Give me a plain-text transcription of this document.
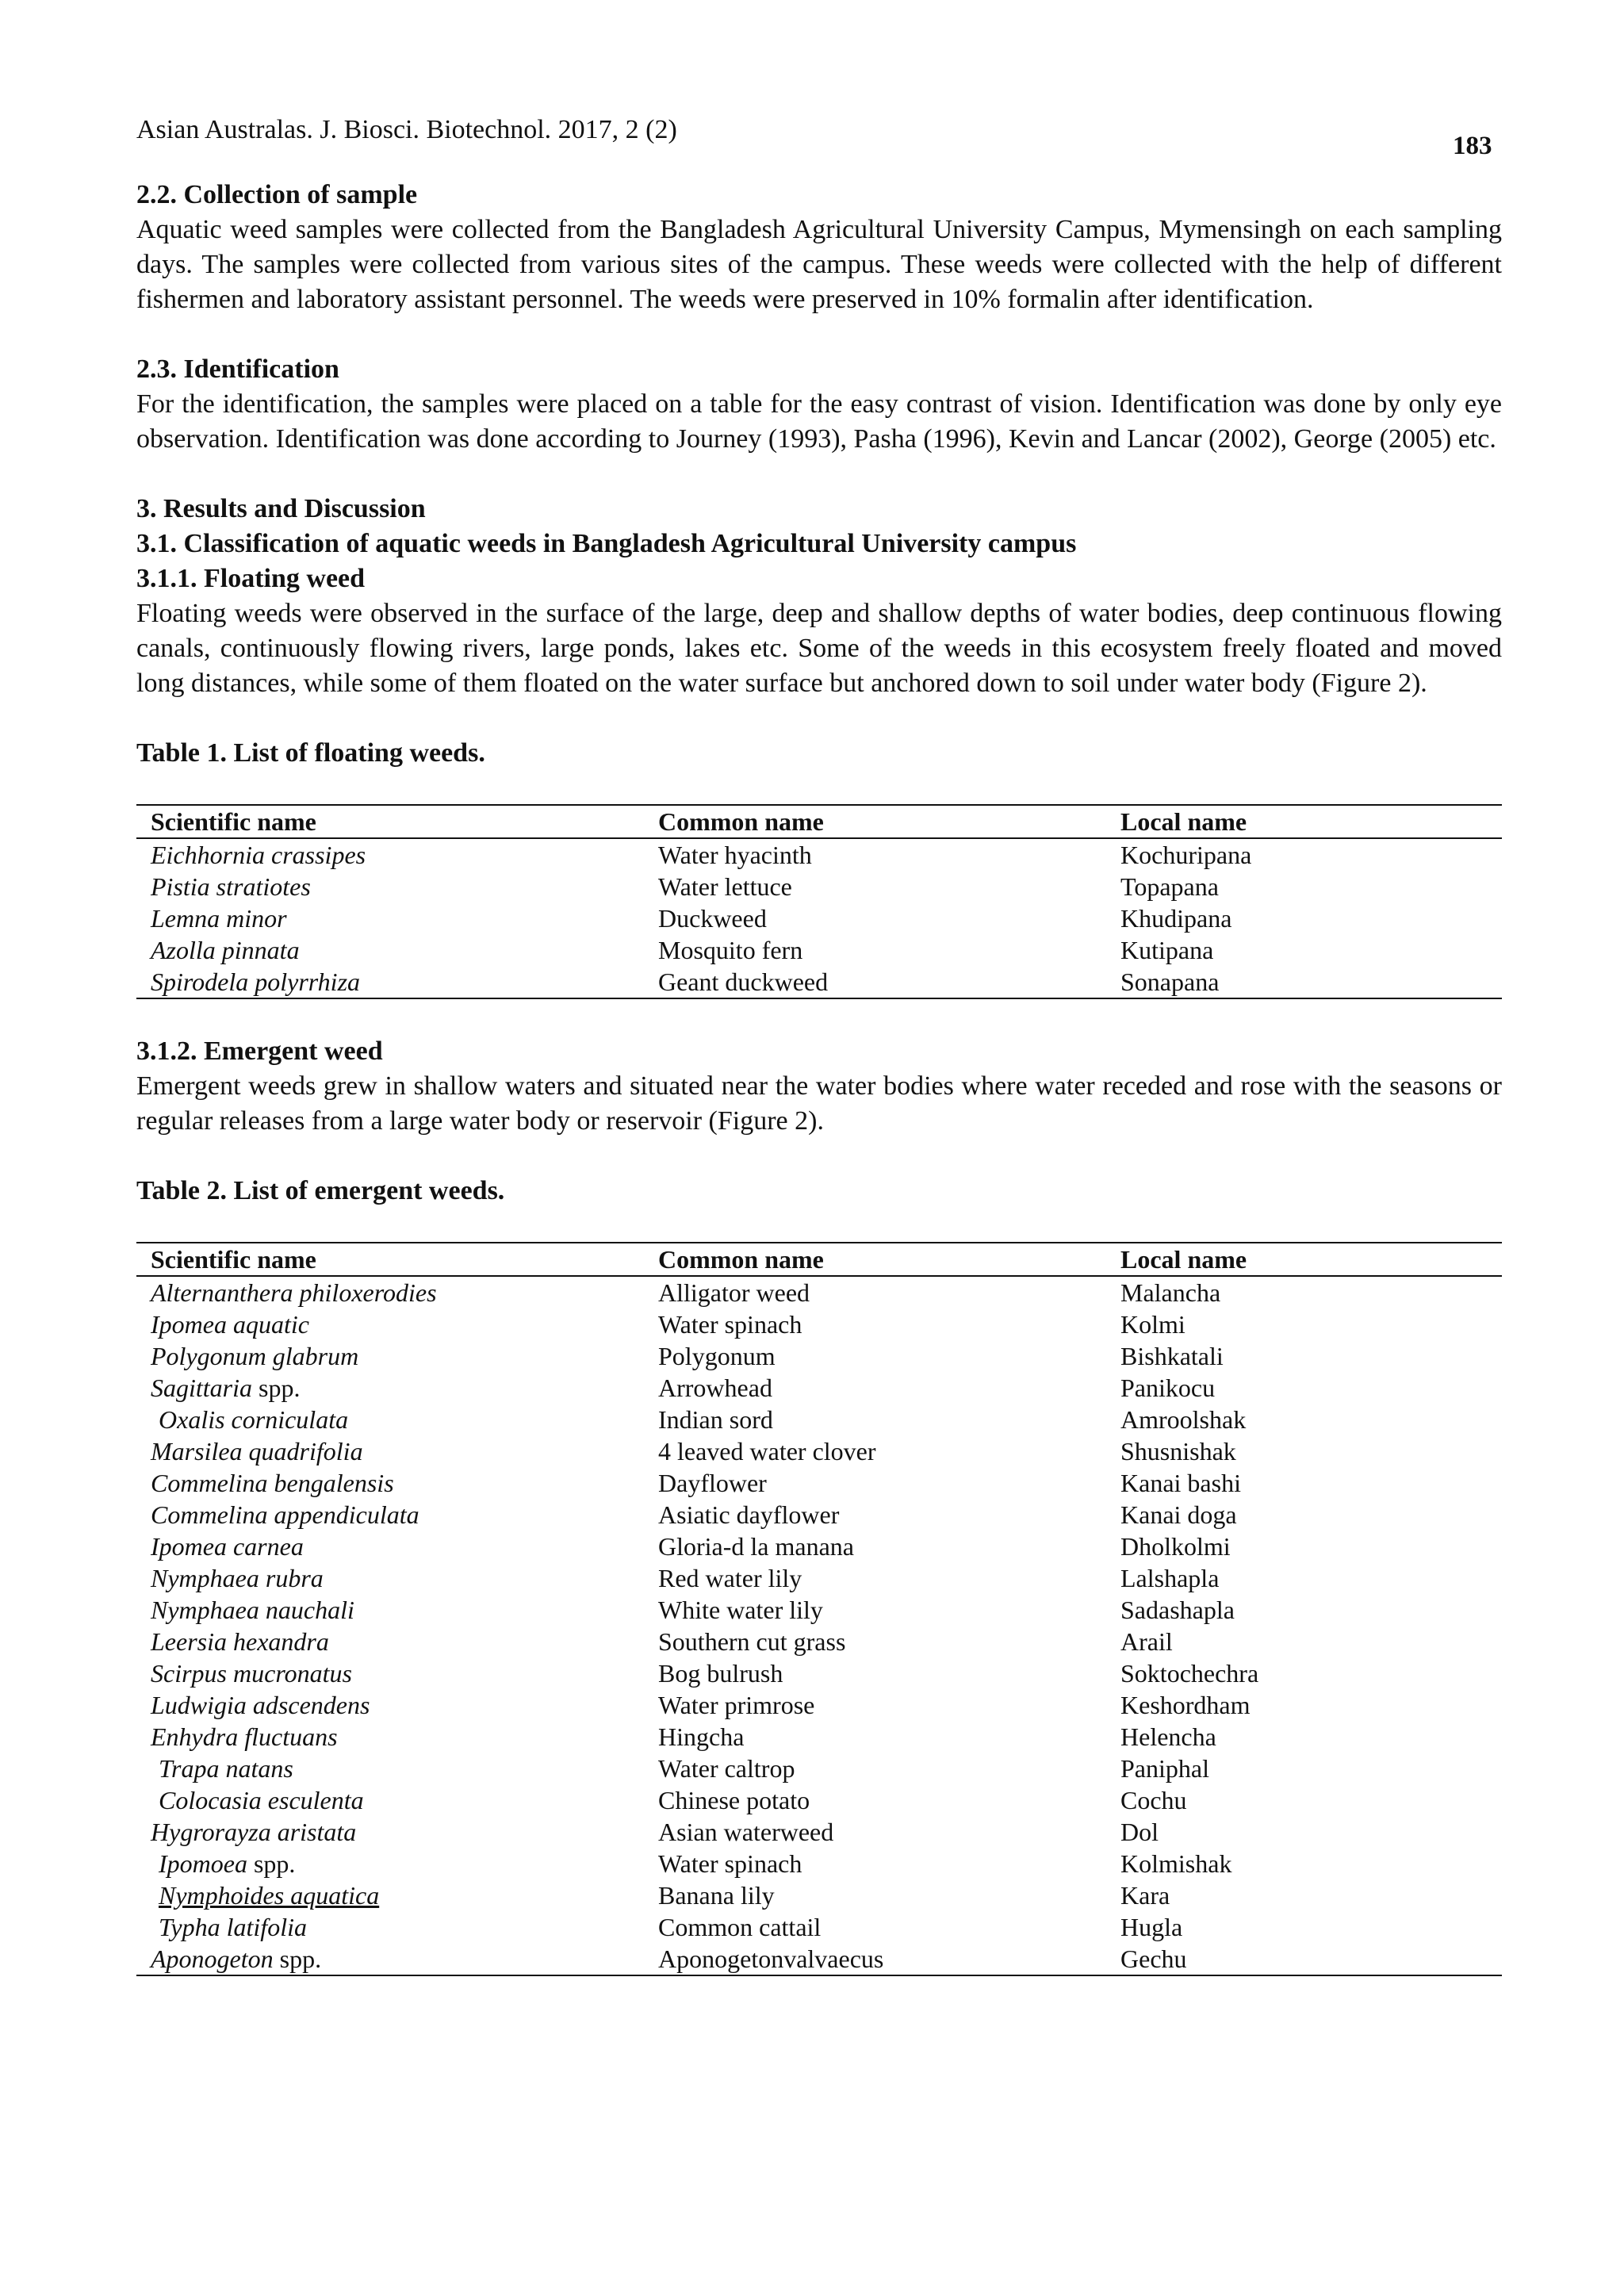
Asian Australas. J. Biosci. Biotechnol. 2017, 2 (2)
183
2.2. Collection of sample

Aquatic weed samples were collected from the Bangladesh Agricultural University Campus, Mymensingh on each sampling days. The samples were collected from various sites of the campus. These weeds were collected with the help of different fishermen and laboratory assistant personnel. The weeds were preserved in 10% formalin after identification.

2.3. Identification

For the identification, the samples were placed on a table for the easy contrast of vision. Identification was done by only eye observation. Identification was done according to Journey (1993), Pasha (1996), Kevin and Lancar (2002), George (2005) etc.

3. Results and Discussion
3.1. Classification of aquatic weeds in Bangladesh Agricultural University campus
3.1.1. Floating weed

Floating weeds were observed in the surface of the large, deep and shallow depths of water bodies, deep continuous flowing canals, continuously flowing rivers, large ponds, lakes etc. Some of the weeds in this ecosystem freely floated and moved long distances, while some of them floated on the water surface but anchored down to soil under water body (Figure 2).

Table 1. List of floating weeds.

Scientific name	Common name	Local name
Eichhornia crassipes	Water hyacinth	Kochuripana
Pistia stratiotes	Water lettuce	Topapana
Lemna minor	Duckweed	Khudipana
Azolla pinnata	Mosquito fern	Kutipana
Spirodela polyrrhiza	Geant duckweed	Sonapana
3.1.2. Emergent weed

Emergent weeds grew in shallow waters and situated near the water bodies where water receded and rose with the seasons or regular releases from a large water body or reservoir (Figure 2).

Table 2. List of emergent weeds.

Scientific name	Common name	Local name
Alternanthera philoxerodies	Alligator weed	Malancha
Ipomea aquatic	Water spinach	Kolmi
Polygonum glabrum	Polygonum	Bishkatali
Sagittaria spp.	Arrowhead	Panikocu
Oxalis corniculata	Indian sord	Amroolshak
Marsilea quadrifolia	4 leaved water clover	Shusnishak
Commelina bengalensis	Dayflower	Kanai bashi
Commelina appendiculata	Asiatic dayflower	Kanai doga
Ipomea carnea	Gloria-d la manana	Dholkolmi
Nymphaea rubra	Red water lily	Lalshapla
Nymphaea nauchali	White water lily	Sadashapla
Leersia hexandra	Southern cut grass	Arail
Scirpus mucronatus	Bog bulrush	Soktochechra
Ludwigia adscendens	Water primrose	Keshordham
Enhydra fluctuans	Hingcha	Helencha
Trapa natans	Water caltrop	Paniphal
Colocasia esculenta	Chinese potato	Cochu
Hygrorayza aristata	Asian waterweed	Dol
Ipomoea spp.	Water spinach	Kolmishak
Nymphoides aquatica	Banana lily	Kara
Typha latifolia	Common cattail	Hugla
Aponogeton spp.	Aponogetonvalvaecus	Gechu
